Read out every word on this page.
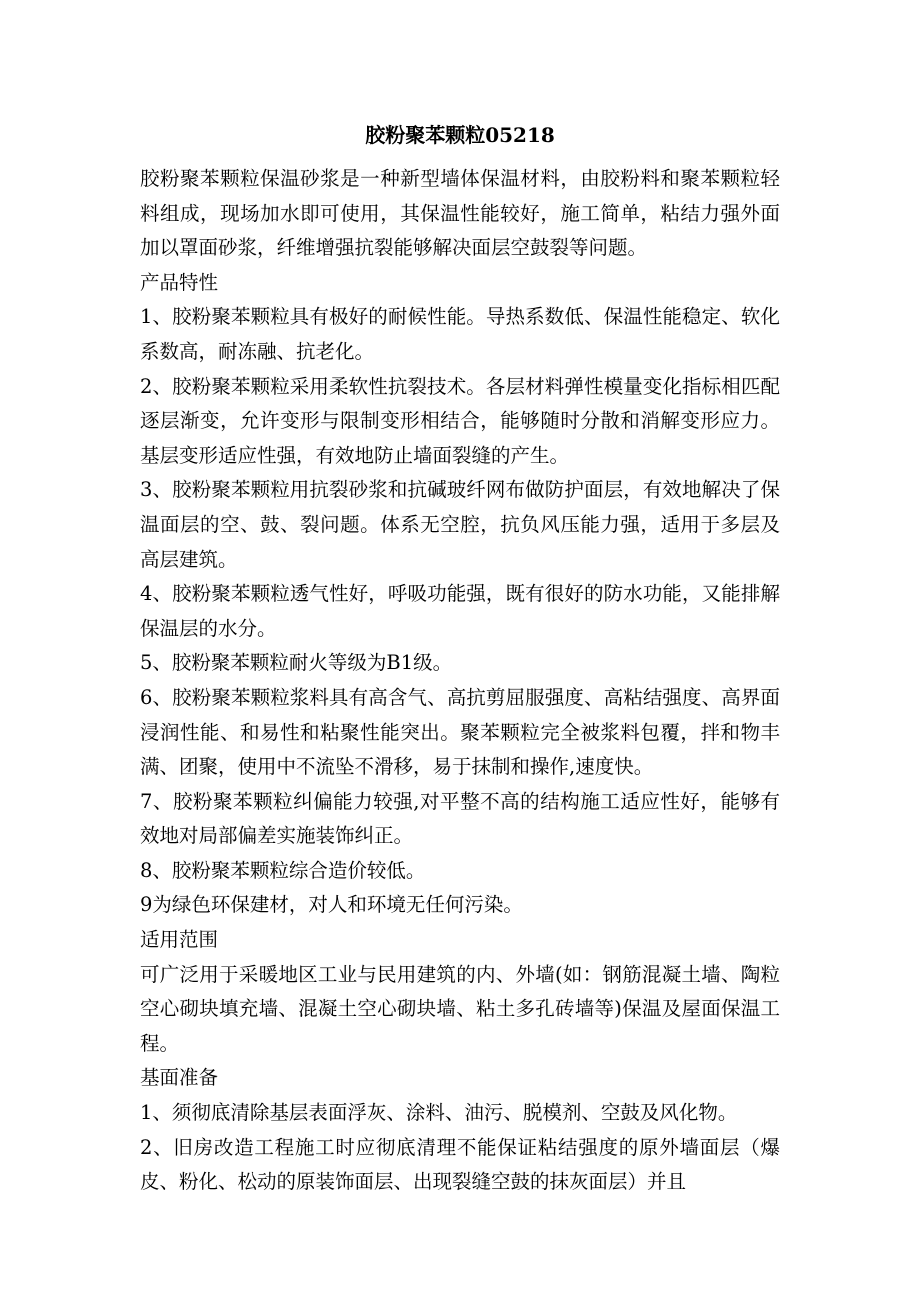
胶粉聚苯颗粒05218

胶粉聚苯颗粒保温砂浆是一种新型墙体保温材料，由胶粉料和聚苯颗粒轻料组成，现场加水即可使用，其保温性能较好，施工简单，粘结力强外面加以罩面砂浆，纤维增强抗裂能够解决面层空鼓裂等问题。

产品特性

1、胶粉聚苯颗粒具有极好的耐候性能。导热系数低、保温性能稳定、软化系数高，耐冻融、抗老化。

2、胶粉聚苯颗粒采用柔软性抗裂技术。各层材料弹性模量变化指标相匹配逐层渐变，允许变形与限制变形相结合，能够随时分散和消解变形应力。基层变形适应性强，有效地防止墙面裂缝的产生。

3、胶粉聚苯颗粒用抗裂砂浆和抗碱玻纤网布做防护面层，有效地解决了保温面层的空、鼓、裂问题。体系无空腔，抗负风压能力强，适用于多层及高层建筑。

4、胶粉聚苯颗粒透气性好，呼吸功能强，既有很好的防水功能，又能排解保温层的水分。

5、胶粉聚苯颗粒耐火等级为B1级。

6、胶粉聚苯颗粒浆料具有高含气、高抗剪屈服强度、高粘结强度、高界面浸润性能、和易性和粘聚性能突出。聚苯颗粒完全被浆料包覆，拌和物丰满、团聚，使用中不流坠不滑移，易于抹制和操作,速度快。

7、胶粉聚苯颗粒纠偏能力较强,对平整不高的结构施工适应性好，能够有效地对局部偏差实施装饰纠正。

8、胶粉聚苯颗粒综合造价较低。

9为绿色环保建材，对人和环境无任何污染。

适用范围

可广泛用于采暖地区工业与民用建筑的内、外墙(如：钢筋混凝土墙、陶粒空心砌块填充墙、混凝土空心砌块墙、粘土多孔砖墙等)保温及屋面保温工程。

基面准备

1、须彻底清除基层表面浮灰、涂料、油污、脱模剂、空鼓及风化物。

2、旧房改造工程施工时应彻底清理不能保证粘结强度的原外墙面层（爆皮、粉化、松动的原装饰面层、出现裂缝空鼓的抹灰面层）并且
